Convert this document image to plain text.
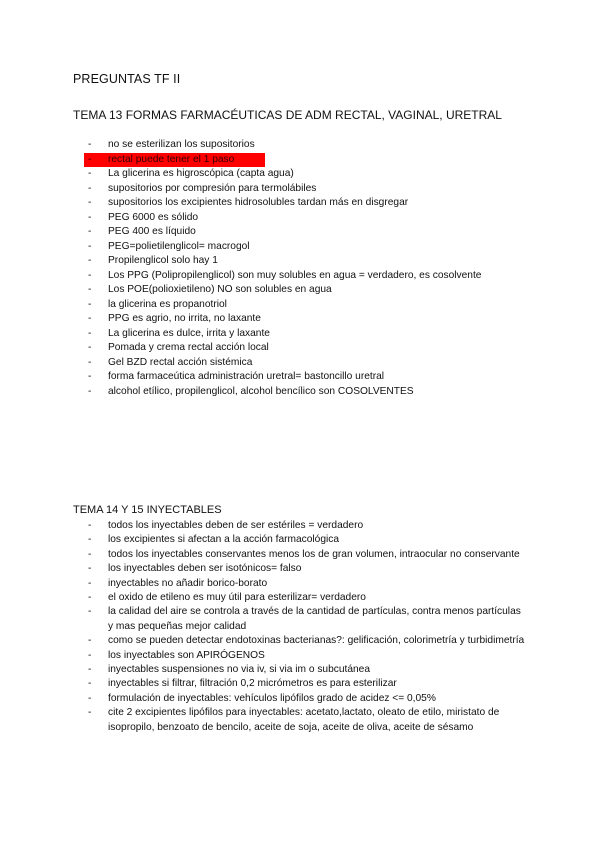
PREGUNTAS TF II
TEMA 13 FORMAS FARMACÉUTICAS DE ADM RECTAL, VAGINAL, URETRAL
-	no se esterilizan los supositorios
-	rectal puede tener el 1 paso
-	La glicerina es higroscópica (capta agua)
-	supositorios por compresión para termolábiles
-	supositorios los excipientes hidrosolubles tardan más en disgregar
-	PEG 6000 es sólido
-	PEG 400 es líquido
-	PEG=polietilenglicol= macrogol
-	Propilenglicol solo hay 1
-	Los PPG (Polipropilenglicol) son muy solubles en agua = verdadero, es cosolvente
-	Los POE(polioxietileno) NO son solubles en agua
-	la glicerina es propanotriol
-	PPG es agrio, no irrita, no laxante
-	La glicerina es dulce, irrita y laxante
-	Pomada y crema rectal acción local
-	Gel BZD rectal acción sistémica
-	forma farmaceútica administración uretral= bastoncillo uretral
-	alcohol etílico, propilenglicol, alcohol bencílico son COSOLVENTES
TEMA 14 Y 15 INYECTABLES
-	todos los inyectables deben de ser estériles = verdadero
-	los excipientes si afectan a la acción farmacológica
-	todos los inyectables conservantes menos los de gran volumen, intraocular no conservante
-	los inyectables deben ser isotónicos= falso
-	inyectables no añadir borico-borato
-	el oxido de etileno es muy útil para esterilizar= verdadero
-	la calidad del aire se controla a través de la cantidad de partículas, contra menos partículas y mas pequeñas mejor calidad
-	como se pueden detectar endotoxinas bacterianas?: gelificación, colorimetría y turbidimetría
-	los inyectables son APIRÓGENOS
-	inyectables suspensiones no via iv, si via im o subcutánea
-	inyectables si filtrar, filtración 0,2 micrómetros es para esterilizar
-	formulación de inyectables: vehículos lipófilos grado de acidez <= 0,05%
-	cite 2 excipientes lipófilos para inyectables: acetato,lactato, oleato de etilo, miristato de isopropilo, benzoato de bencilo, aceite de soja, aceite de oliva, aceite de sésamo
